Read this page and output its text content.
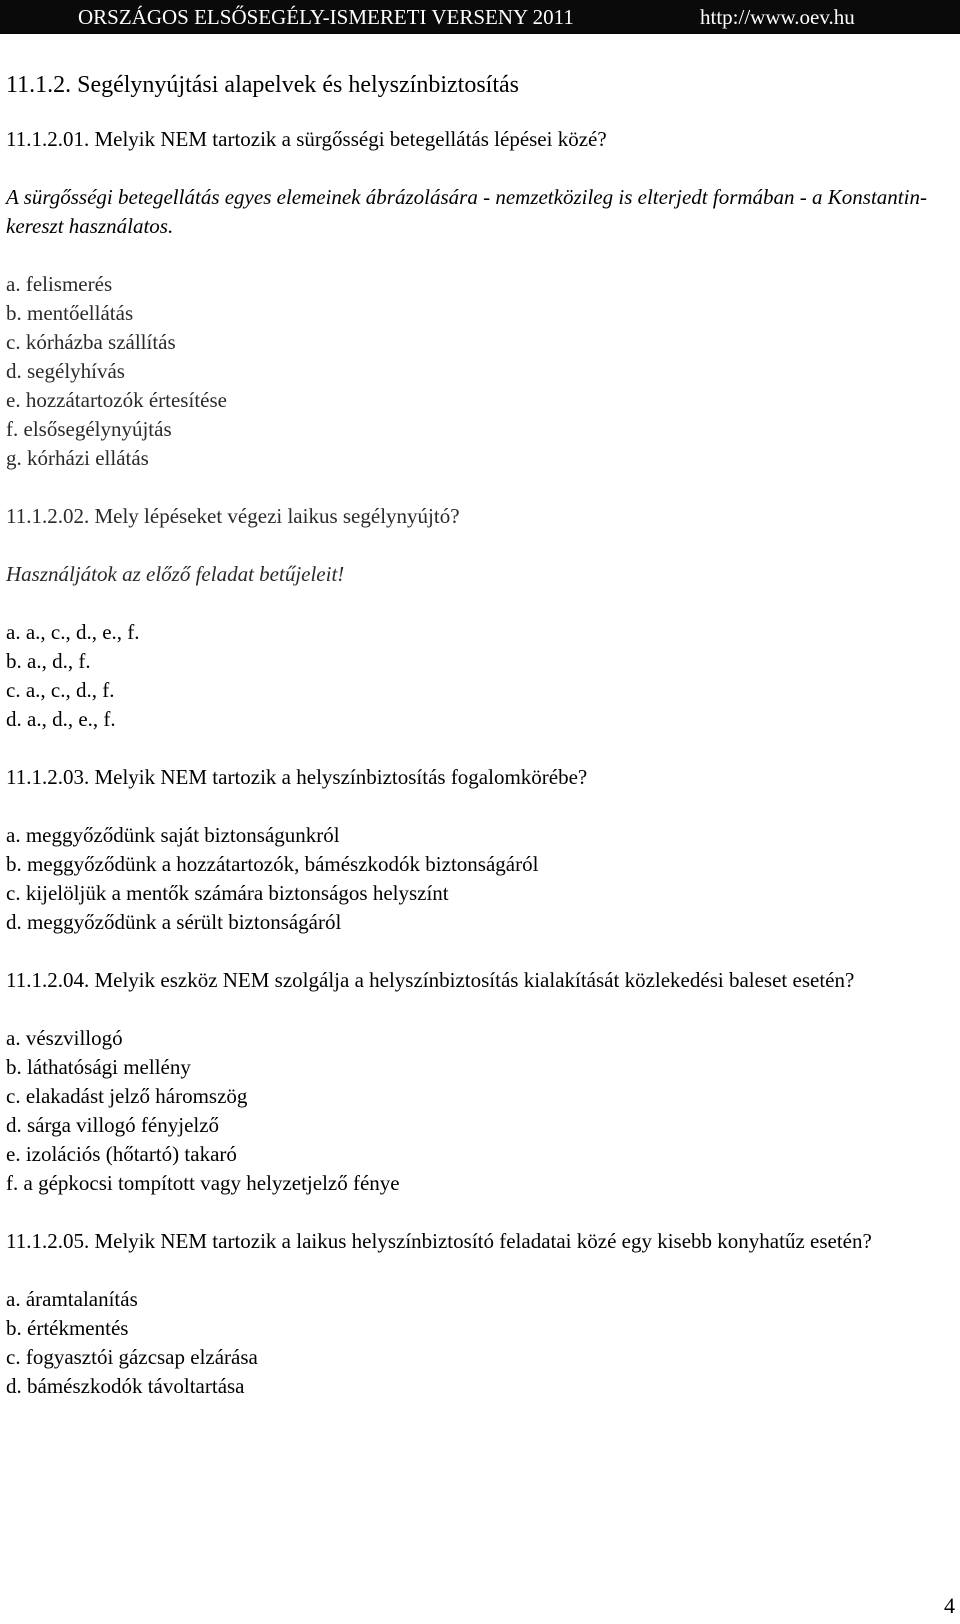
ORSZÁGOS ELSŐSEGÉLY-ISMERETI VERSENY 2011	http://www.oev.hu
11.1.2. Segélynyújtási alapelvek és helyszínbiztosítás

11.1.2.01. Melyik NEM tartozik a sürgősségi betegellátás lépései közé?

A sürgősségi betegellátás egyes elemeinek ábrázolására - nemzetközileg is elterjedt formában - a Konstantin-kereszt használatos.

a. felismerés
b. mentőellátás
c. kórházba szállítás
d. segélyhívás
e. hozzátartozók értesítése
f. elsősegélynyújtás
g. kórházi ellátás

11.1.2.02. Mely lépéseket végezi laikus segélynyújtó?

Használjátok az előző feladat betűjeleit!

a. a., c., d., e., f.
b. a., d., f.
c. a., c., d., f.
d. a., d., e., f.

11.1.2.03. Melyik NEM tartozik a helyszínbiztosítás fogalomkörébe?

a. meggyőződünk saját biztonságunkról
b. meggyőződünk a hozzátartozók, bámészkodók biztonságáról
c. kijelöljük a mentők számára biztonságos helyszínt
d. meggyőződünk a sérült biztonságáról

11.1.2.04. Melyik eszköz NEM szolgálja a helyszínbiztosítás kialakítását közlekedési baleset esetén?

a. vészvillogó
b. láthatósági mellény
c. elakadást jelző háromszög
d. sárga villogó fényjelző
e. izolációs (hőtartó) takaró
f. a gépkocsi tompított vagy helyzetjelző fénye

11.1.2.05. Melyik NEM tartozik a laikus helyszínbiztosító feladatai közé egy kisebb konyhatűz esetén?

a. áramtalanítás
b. értékmentés
c. fogyasztói gázcsap elzárása
d. bámészkodók távoltartása
4
